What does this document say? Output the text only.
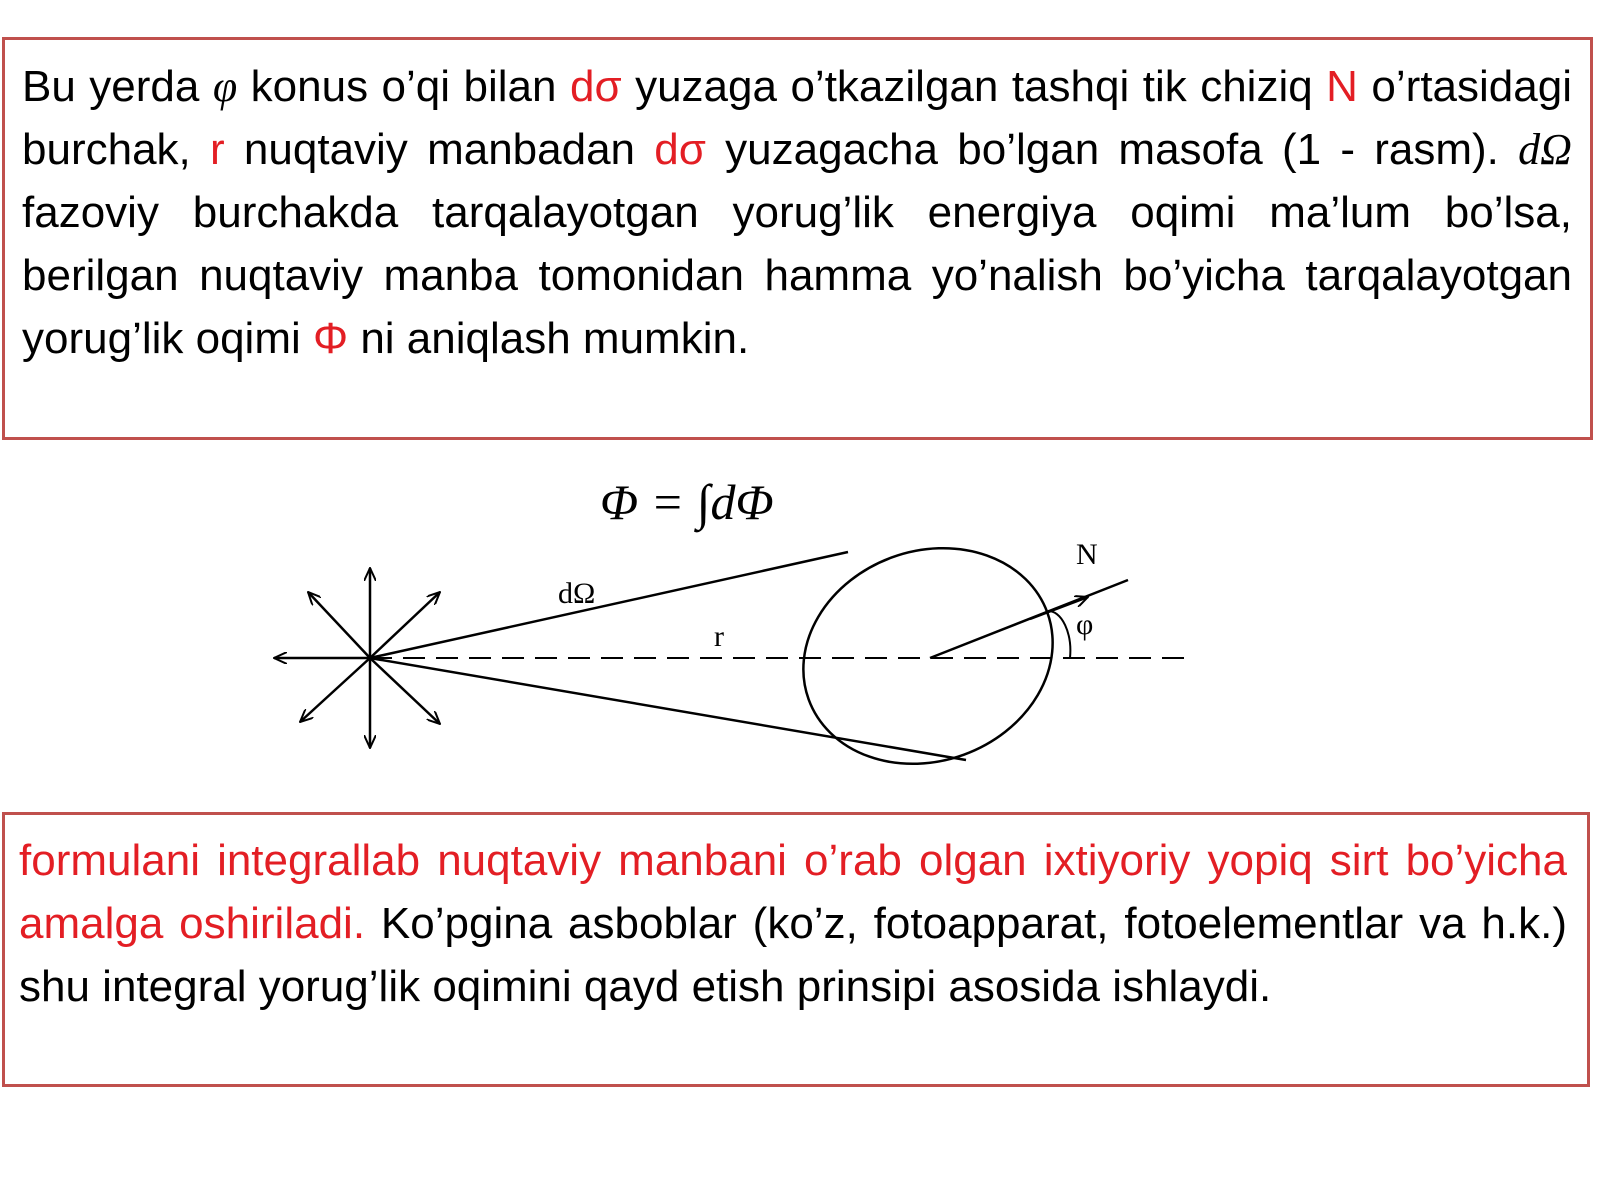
Bu yerda φ konus o’qi bilan dσ yuzaga o’tkazilgan tashqi tik chiziq N o’rtasidagi burchak, r nuqtaviy manbadan dσ yuzagacha bo’lgan masofa (1 - rasm). dΩ fazoviy burchakda tarqalayotgan yorug’lik energiya oqimi ma’lum bo’lsa, berilgan nuqtaviy manba tomonidan hamma yo’nalish bo’yicha tarqalayotgan yorug’lik oqimi Φ ni aniqlash mumkin.
Φ = ∫dΦ
dΩ
r
N
φ
formulani integrallab nuqtaviy manbani o’rab olgan ixtiyoriy yopiq sirt bo’yicha amalga oshiriladi. Ko’pgina asboblar (ko’z, fotoapparat, fotoelementlar va h.k.) shu integral yorug’lik oqimini qayd etish prinsipi asosida ishlaydi.
